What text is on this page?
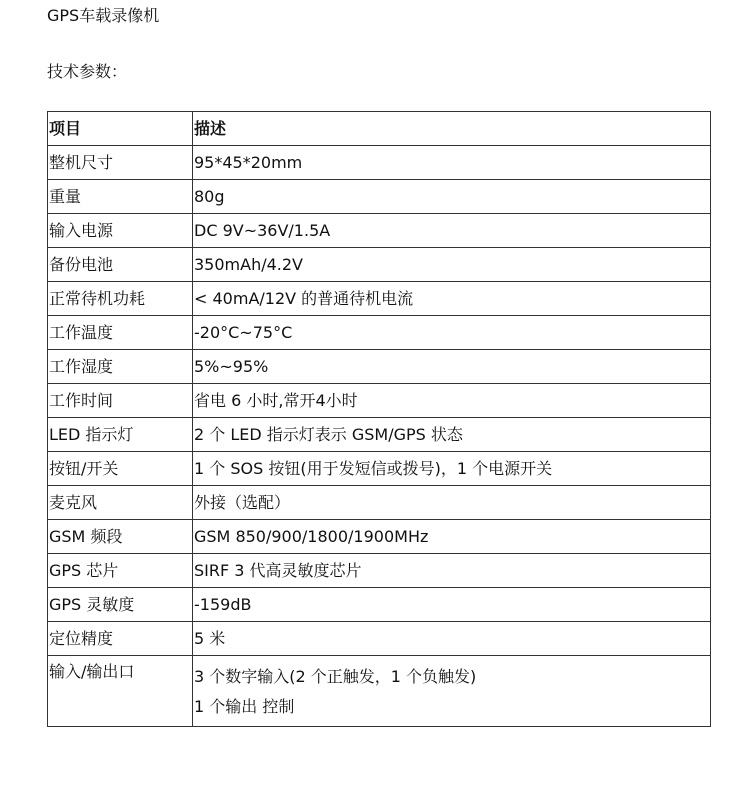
GPS车载录像机
技术参数：
项目	描述
整机尺寸	95*45*20mm
重量	80g
输入电源	DC 9V~36V/1.5A
备份电池	350mAh/4.2V
正常待机功耗	< 40mA/12V 的普通待机电流
工作温度	-20°C~75°C
工作湿度	5%~95%
工作时间	省电 6 小时,常开4小时
LED 指示灯	2 个 LED 指示灯表示 GSM/GPS 状态
按钮/开关	1 个 SOS 按钮(用于发短信或拨号)，1 个电源开关
麦克风	外接（选配）
GSM 频段	GSM 850/900/1800/1900MHz
GPS 芯片	SIRF 3 代高灵敏度芯片
GPS 灵敏度	-159dB
定位精度	5 米
输入/输出口	3 个数字输入(2 个正触发，1 个负触发)
1 个输出 控制
